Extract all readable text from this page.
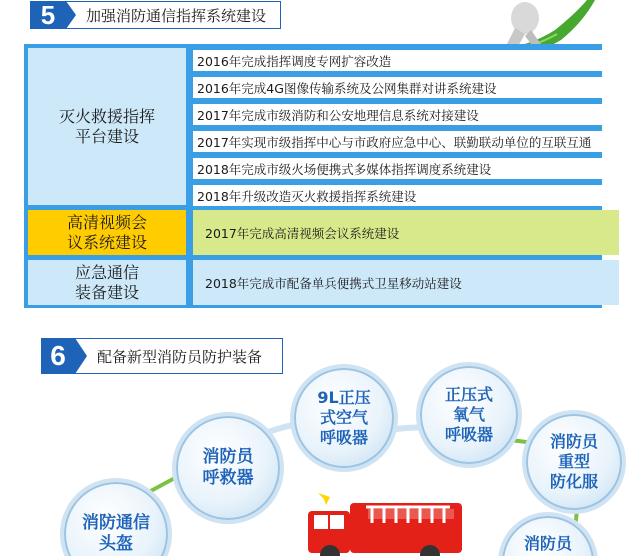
5	加强消防通信指挥系统建设
灭火救援指挥
平台建设
2016年完成指挥调度专网扩容改造
2016年完成4G图像传输系统及公网集群对讲系统建设
2017年完成市级消防和公安地理信息系统对接建设
2017年实现市级指挥中心与市政府应急中心、联勤联动单位的互联互通
2018年完成市级火场便携式多媒体指挥调度系统建设
2018年升级改造灭火救援指挥系统建设
高清视频会
议系统建设	2017年完成高清视频会议系统建设
应急通信
装备建设	2018年完成市配备单兵便携式卫星移动站建设
6	配备新型消防员防护装备
消防通信
头盔
消防员
呼救器
9L正压
式空气
呼吸器
正压式
氧气
呼吸器	消防员
重型
防化服
消防员
